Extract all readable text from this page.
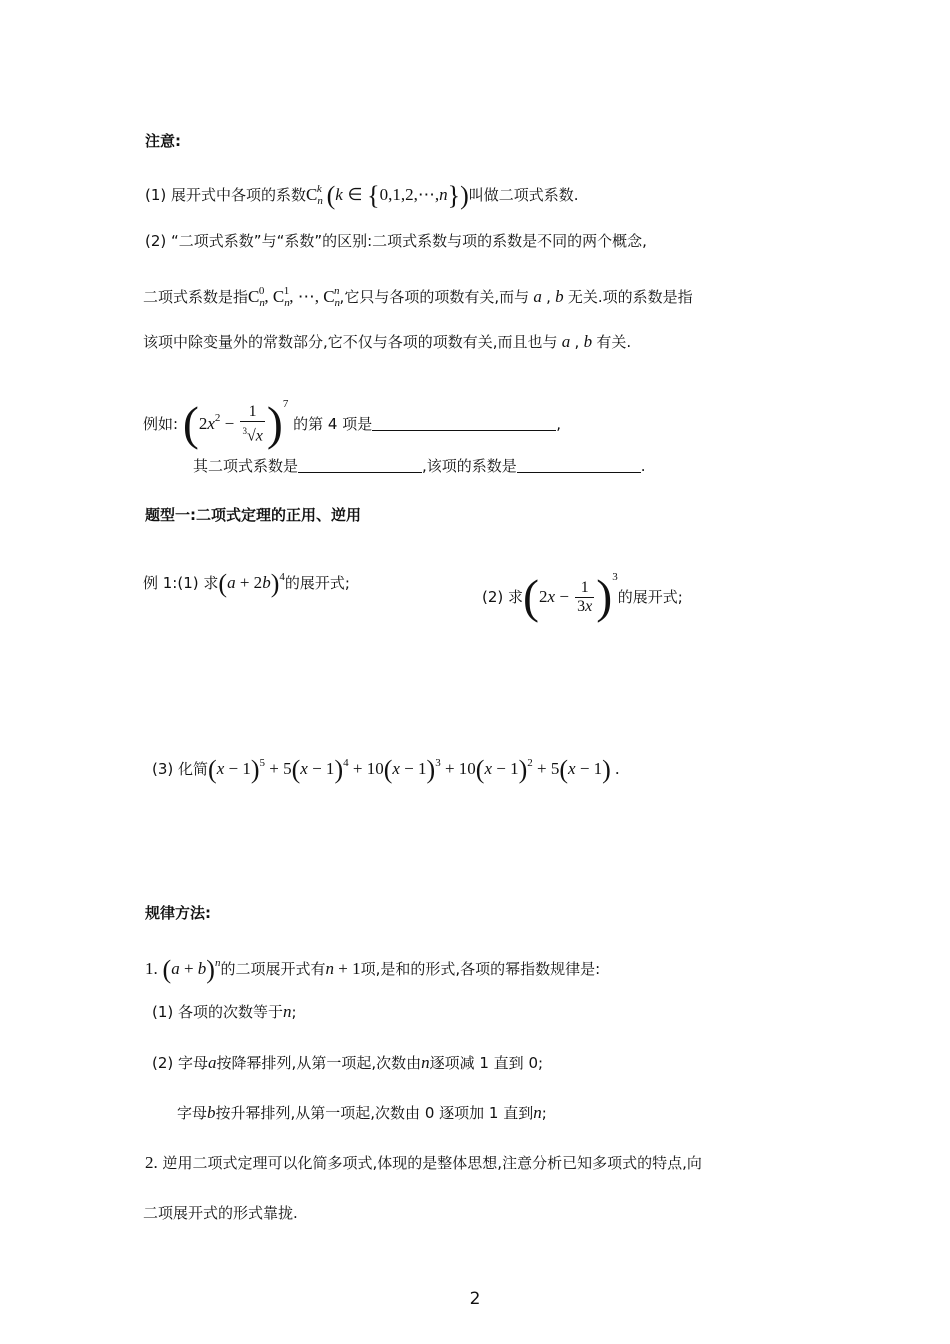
注意:
(1) 展开式中各项的系数$C_n^k$ (k ∈ {0,1,2,⋯,n})叫做二项式系数.
(2) “二项式系数”与“系数”的区别:二项式系数与项的系数是不同的两个概念,
二项式系数是指$C_n^0$, $C_n^1$, ⋯, $C_n^n$,它只与各项的项数有关,而与 a , b 无关.项的系数是指
该项中除变量外的常数部分,它不仅与各项的项数有关,而且也与 a , b 有关.
例如: $(2x^2 - \frac{1}{^3√x} )^7$ 的第 4 项是	,
其二项式系数是	,该项的系数是	.
题型一:二项式定理的正用、逆用
例 1:(1) 求$(a + 2b)^4$的展开式;
(2) 求$(2x - \frac{1}{3x} )^3$的展开式;
(3) 化简$(x - 1)^5 + 5(x - 1)^4 + 10(x - 1)^3 + 10(x - 1)^2 + 5(x - 1)$ .
规律方法:
1. $(a + b)^n$的二项展开式有n + 1项,是和的形式,各项的幂指数规律是:
(1) 各项的次数等于n;
(2) 字母a按降幂排列,从第一项起,次数由n逐项减 1 直到 0;
字母b按升幂排列,从第一项起,次数由 0 逐项加 1 直到n;
2. 逆用二项式定理可以化简多项式,体现的是整体思想,注意分析已知多项式的特点,向
二项展开式的形式靠拢.
2
